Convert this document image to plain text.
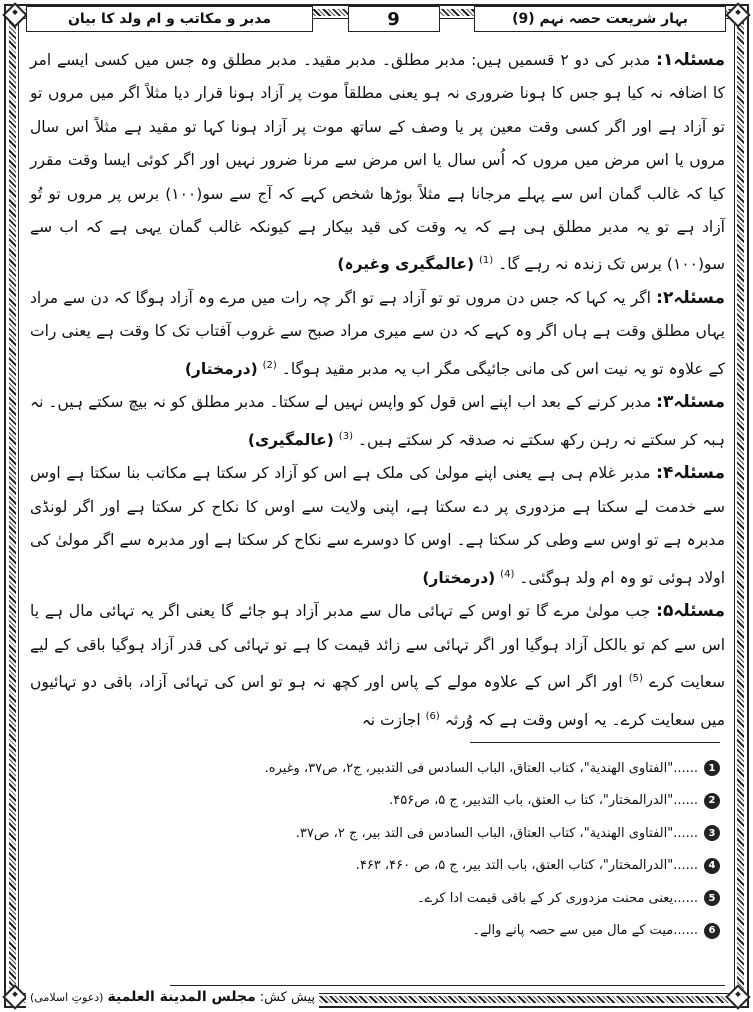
مدبر و مکاتب و ام ولد کا بیان	9	بہار شریعت حصہ نہم (9)

مسئلہ۱: مدبر کی دو ۲ قسمیں ہیں: مدبر مطلق۔ مدبر مقید۔ مدبر مطلق وہ جس میں کسی ایسے امر کا اضافہ نہ کیا ہو جس کا ہونا ضروری نہ ہو یعنی مطلقاً موت پر آزاد ہونا قرار دیا مثلاً اگر میں مروں تو تو آزاد ہے اور اگر کسی وقت معین پر یا وصف کے ساتھ موت پر آزاد ہونا کہا تو مقید ہے مثلاً اس سال مروں یا اس مرض میں مروں کہ اُس سال یا اس مرض سے مرنا ضرور نہیں اور اگر کوئی ایسا وقت مقرر کیا کہ غالب گمان اس سے پہلے مرجانا ہے مثلاً بوڑھا شخص کہے کہ آج سے سو(۱۰۰) برس پر مروں تو تُو آزاد ہے تو یہ مدبر مطلق ہی ہے کہ یہ وقت کی قید بیکار ہے کیونکہ غالب گمان یہی ہے کہ اب سے سو(۱۰۰) برس تک زندہ نہ رہے گا۔ $^{(1)}$ (عالمگیری وغیرہ)

مسئلہ۲: اگر یہ کہا کہ جس دن مروں تو تو آزاد ہے تو اگر چہ رات میں مرے وہ آزاد ہوگا کہ دن سے مراد یہاں مطلق وقت ہے ہاں اگر وہ کہے کہ دن سے میری مراد صبح سے غروب آفتاب تک کا وقت ہے یعنی رات کے علاوہ تو یہ نیت اس کی مانی جائیگی مگر اب یہ مدبر مقید ہوگا۔ $^{(2)}$ (درمختار)

مسئلہ۳: مدبر کرنے کے بعد اب اپنے اس قول کو واپس نہیں لے سکتا۔ مدبر مطلق کو نہ بیچ سکتے ہیں۔ نہ ہبہ کر سکتے نہ رہن رکھ سکتے نہ صدقہ کر سکتے ہیں۔ $^{(3)}$ (عالمگیری)

مسئلہ۴: مدبر غلام ہی ہے یعنی اپنے مولیٰ کی ملک ہے اس کو آزاد کر سکتا ہے مکاتب بنا سکتا ہے اوس سے خدمت لے سکتا ہے مزدوری پر دے سکتا ہے، اپنی ولایت سے اوس کا نکاح کر سکتا ہے اور اگر لونڈی مدبرہ ہے تو اوس سے وطی کر سکتا ہے۔ اوس کا دوسرے سے نکاح کر سکتا ہے اور مدبرہ سے اگر مولیٰ کی اولاد ہوئی تو وہ ام ولد ہوگئی۔ $^{(4)}$ (درمختار)

مسئلہ۵: جب مولیٰ مرے گا تو اوس کے تہائی مال سے مدبر آزاد ہو جائے گا یعنی اگر یہ تہائی مال ہے یا اس سے کم تو بالکل آزاد ہوگیا اور اگر تہائی سے زائد قیمت کا ہے تو تہائی کی قدر آزاد ہوگیا باقی کے لیے سعایت کرے $^{(5)}$ اور اگر اس کے علاوہ مولے کے پاس اور کچھ نہ ہو تو اس کی تہائی آزاد، باقی دو تہائیوں میں سعایت کرے۔ یہ اوس وقت ہے کہ وُرثہ $^{(6)}$ اجازت نہ

1
......"الفتاوی الهندية"، كتاب العتاق، الباب السادس فی التدبير، ج۲، ص۳۷، وغيره.
2
......"الدرالمختار"، كتا ب العتق، باب التدبير، ج ۵، ص۴۵۶.
3
......"الفتاوی الهندية"، كتاب العتاق، الباب السادس فی التد بير، ج ۲، ص۳۷.
4
......"الدرالمختار"، كتاب العتق، باب التد بير، ج ۵، ص ۴۶۰، ۴۶۳.
5
......یعنی محنت مزدوری کر کے باقی قیمت ادا کرے۔
6
......میت کے مال میں سے حصہ پانے والے۔
پیش کش:
مجلس المدينة العلمية
(دعوتِ اسلامی)
